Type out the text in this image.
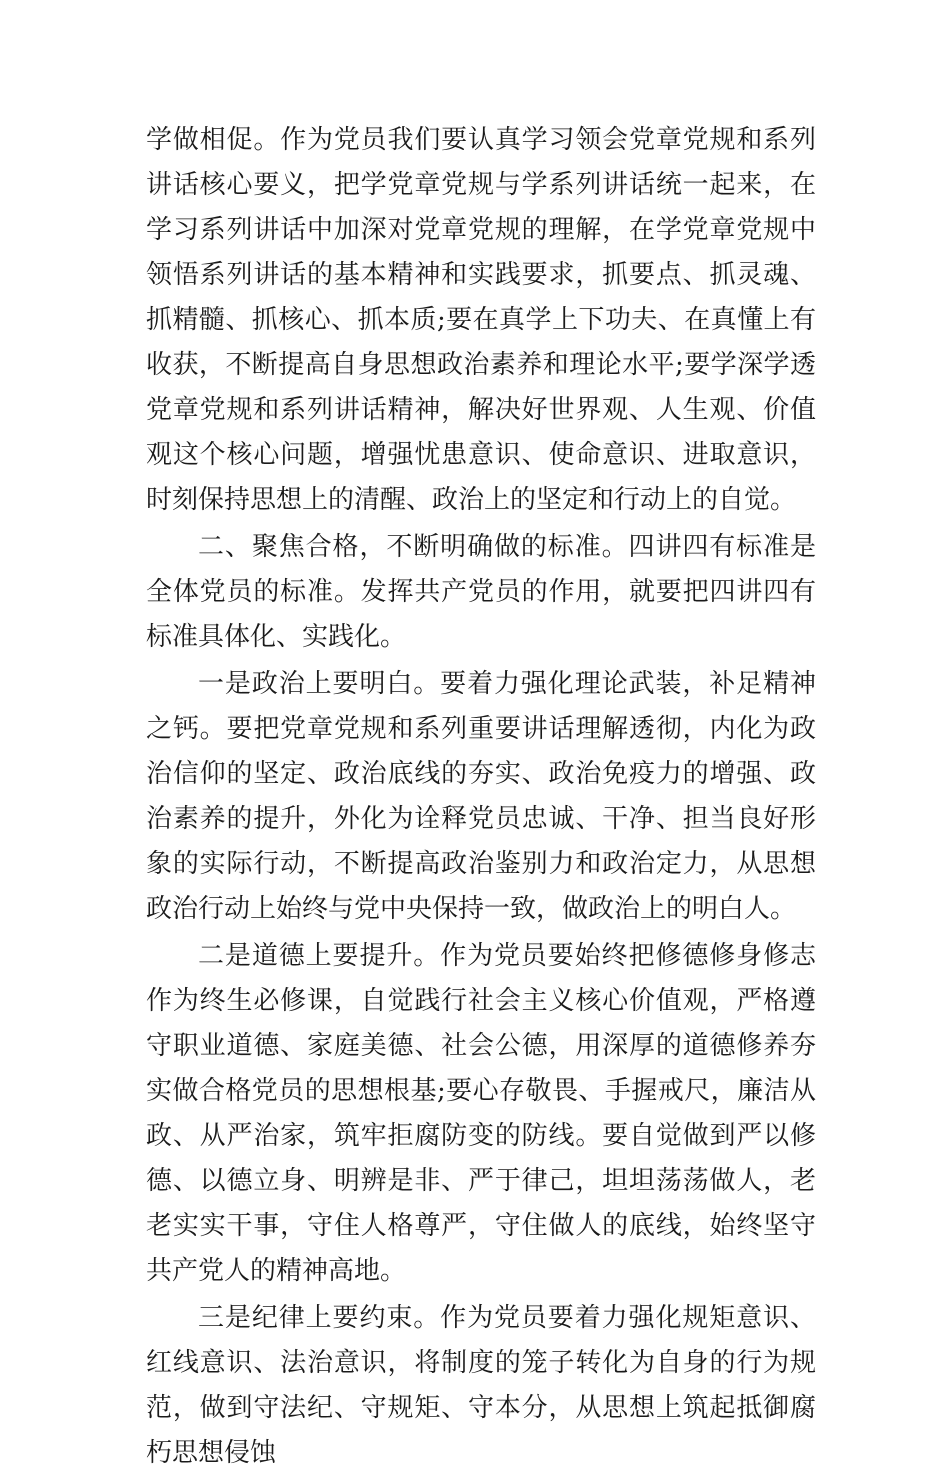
学做相促。作为党员我们要认真学习领会党章党规和系列讲话核心要义，把学党章党规与学系列讲话统一起来，在学习系列讲话中加深对党章党规的理解，在学党章党规中领悟系列讲话的基本精神和实践要求，抓要点、抓灵魂、抓精髓、抓核心、抓本质;要在真学上下功夫、在真懂上有收获，不断提高自身思想政治素养和理论水平;要学深学透党章党规和系列讲话精神，解决好世界观、人生观、价值观这个核心问题，增强忧患意识、使命意识、进取意识，时刻保持思想上的清醒、政治上的坚定和行动上的自觉。

二、聚焦合格，不断明确做的标准。四讲四有标准是全体党员的标准。发挥共产党员的作用，就要把四讲四有标准具体化、实践化。

一是政治上要明白。要着力强化理论武装，补足精神之钙。要把党章党规和系列重要讲话理解透彻，内化为政治信仰的坚定、政治底线的夯实、政治免疫力的增强、政治素养的提升，外化为诠释党员忠诚、干净、担当良好形象的实际行动，不断提高政治鉴别力和政治定力，从思想政治行动上始终与党中央保持一致，做政治上的明白人。

二是道德上要提升。作为党员要始终把修德修身修志作为终生必修课，自觉践行社会主义核心价值观，严格遵守职业道德、家庭美德、社会公德，用深厚的道德修养夯实做合格党员的思想根基;要心存敬畏、手握戒尺，廉洁从政、从严治家，筑牢拒腐防变的防线。要自觉做到严以修德、以德立身、明辨是非、严于律己，坦坦荡荡做人，老老实实干事，守住人格尊严，守住做人的底线，始终坚守共产党人的精神高地。

三是纪律上要约束。作为党员要着力强化规矩意识、红线意识、法治意识，将制度的笼子转化为自身的行为规范，做到守法纪、守规矩、守本分，从思想上筑起抵御腐朽思想侵蚀
